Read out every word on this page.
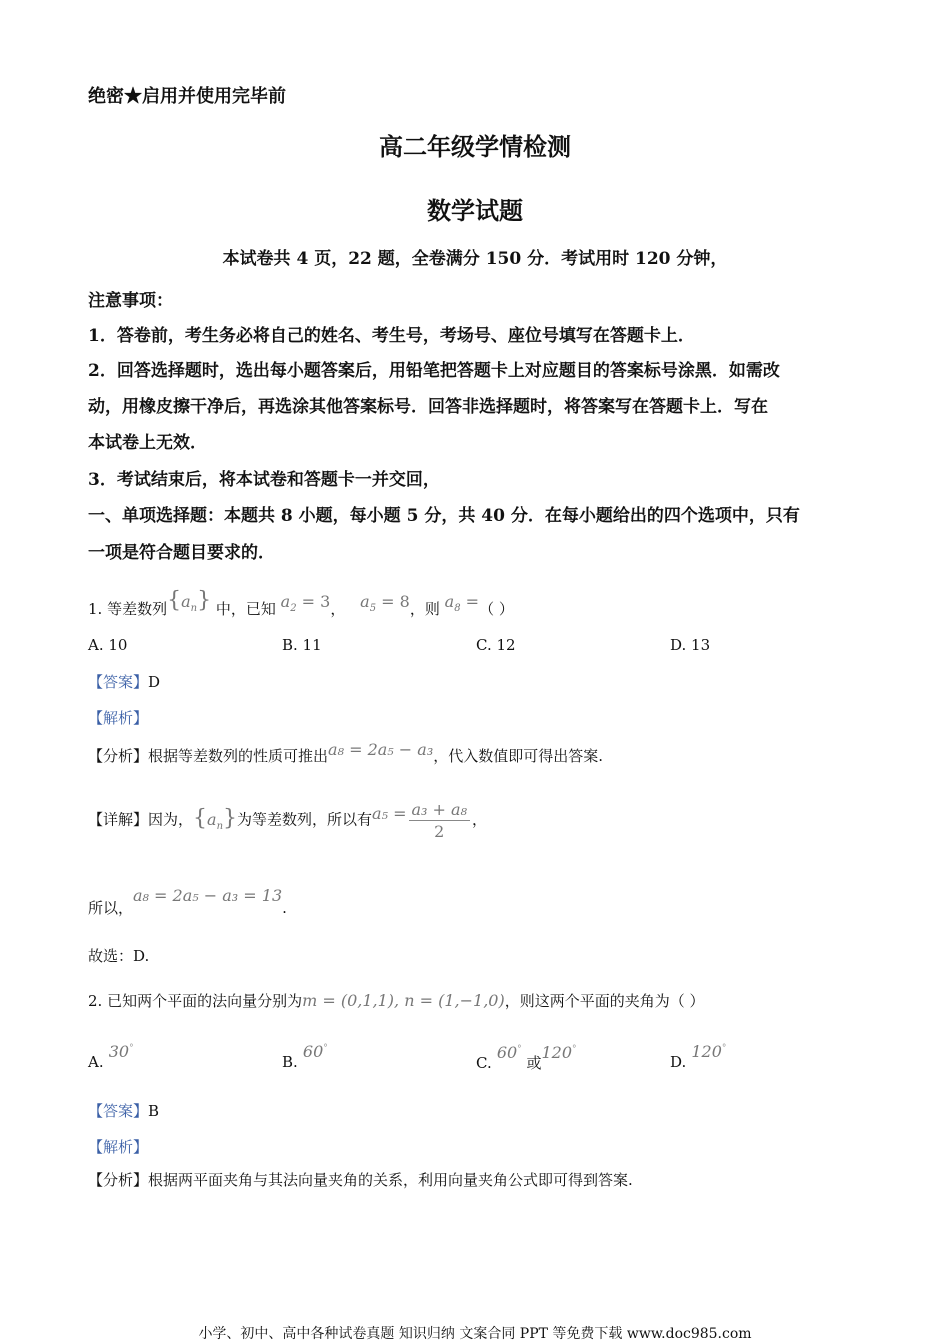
绝密★启用并使用完毕前
高二年级学情检测
数学试题
本试卷共 4 页，22 题，全卷满分 150 分．考试用时 120 分钟，
注意事项：
1．答卷前，考生务必将自己的姓名、考生号，考场号、座位号填写在答题卡上．
2．回答选择题时，选出每小题答案后，用铅笔把答题卡上对应题目的答案标号涂黑．如需改
动，用橡皮擦干净后，再选涂其他答案标号．回答非选择题时，将答案写在答题卡上．写在
本试卷上无效．
3．考试结束后，将本试卷和答题卡一并交回，
一、单项选择题：本题共 8 小题，每小题 5 分，共 40 分．在每小题给出的四个选项中，只有
一项是符合题目要求的．
1. 等差数列$\{a_n\}$ 中，已知 $a_2 = 3$， $a_5 = 8$，则 $a_8$ =（ ）
A. 10	B. 11	C. 12	D. 13
【答案】D
【解析】
【分析】根据等差数列的性质可推出a₈ = 2a₅ − a₃，代入数值即可得出答案.
【详解】因为，$\{a_n\}$为等差数列，所以有$a_5 = \frac{\text{a₃ + a₈}}{2}$ ，
所以，a₈ = 2a₅ − a₃ = 13.
故选：D.
2. 已知两个平面的法向量分别为m = (0,1,1), n = (1,−1,0)，则这两个平面的夹角为（ ）
A. 30°
B. 60°
C. 60° 或120°
D. 120°
【答案】B
【解析】
【分析】根据两平面夹角与其法向量夹角的关系，利用向量夹角公式即可得到答案.
小学、初中、高中各种试卷真题 知识归纳 文案合同 PPT 等免费下载 www.doc985.com
